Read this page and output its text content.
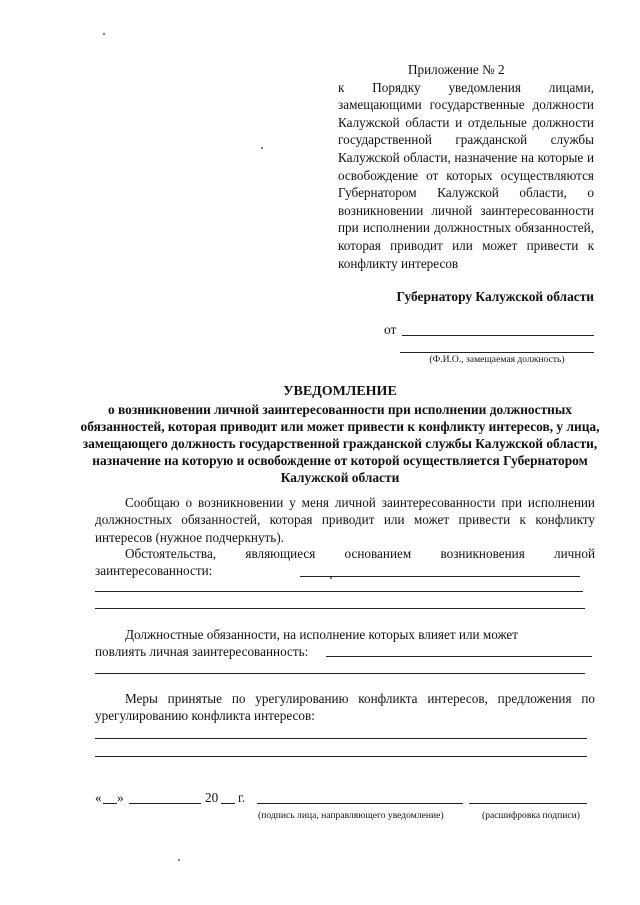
Приложение № 2
к Порядку уведомления лицами, замещающими государственные должности Калужской области и отдельные должности государственной гражданской службы Калужской области, назначение на которые и освобождение от которых осуществляются Губернатором Калужской области, о возникновении личной заинтересованности при исполнении должностных обязанностей, которая приводит или может привести к конфликту интересов
Губернатору Калужской области
от
(Ф.И.О., замещаемая должность)
УВЕДОМЛЕНИЕ
о возникновении личной заинтересованности при исполнении должностных обязанностей, которая приводит или может привести к конфликту интересов, у лица, замещающего должность государственной гражданской службы Калужской области, назначение на которую и освобождение от которой осуществляется Губернатором Калужской области
Сообщаю о возникновении у меня личной заинтересованности при исполнении должностных обязанностей, которая приводит или может привести к конфликту интересов (нужное подчеркнуть).
Обстоятельства, являющиеся основанием возникновения личной заинтересованности:
Должностные обязанности, на исполнение которых влияет или может
повлиять личная заинтересованность:
Меры принятые по урегулированию конфликта интересов, предложения по урегулированию конфликта интересов:
« »	20 г.
(подпись лица, направляющего уведомление)	(расшифровка подписи)
